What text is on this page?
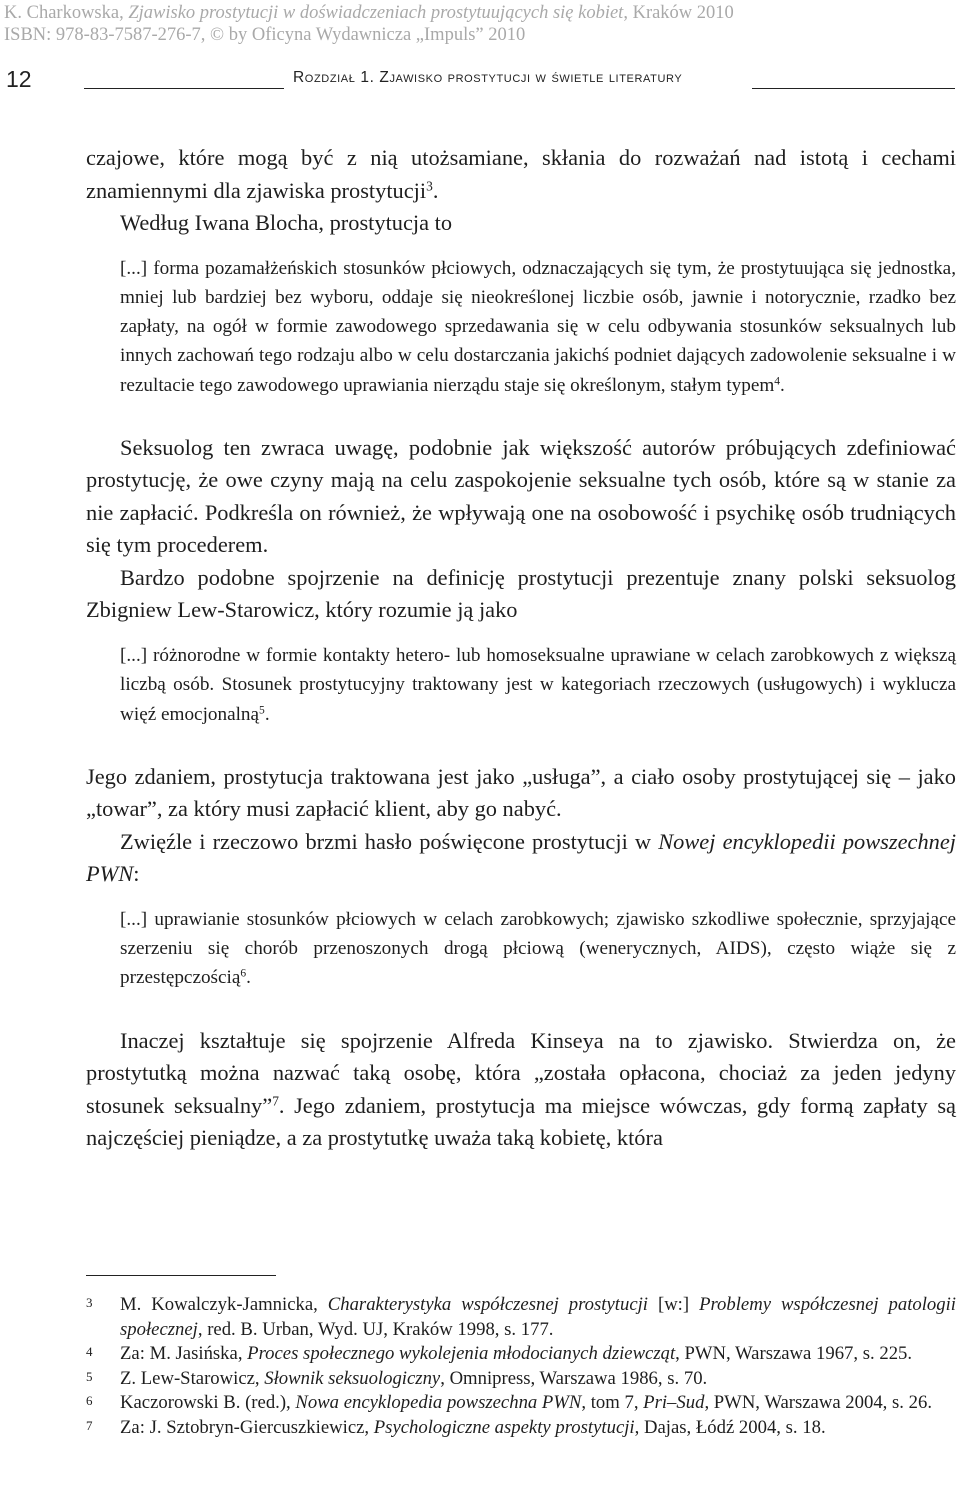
K. Charkowska, Zjawisko prostytucji w doświadczeniach prostytuujących się kobiet, Kraków 2010
ISBN: 978-83-7587-276-7, © by Oficyna Wydawnicza „Impuls” 2010
12	Rozdział 1. Zjawisko prostytucji w świetle literatury

czajowe, które mogą być z nią utożsamiane, skłania do rozważań nad istotą i cechami znamiennymi dla zjawiska prostytucji$^3$.

Według Iwana Blocha, prostytucja to

[...] forma pozamałżeńskich stosunków płciowych, odznaczających się tym, że prostytuująca się jednostka, mniej lub bardziej bez wyboru, oddaje się nieokreślonej liczbie osób, jawnie i notorycznie, rzadko bez zapłaty, na ogół w formie zawodowego sprzedawania się w celu odbywania stosunków seksualnych lub innych zachowań tego rodzaju albo w celu dostarczania jakichś podniet dających zadowolenie seksualne i w rezultacie tego zawodowego uprawiania nierządu staje się określonym, stałym typem$^4$.

Seksuolog ten zwraca uwagę, podobnie jak większość autorów próbujących zdefiniować prostytucję, że owe czyny mają na celu zaspokojenie seksualne tych osób, które są w stanie za nie zapłacić. Podkreśla on również, że wpływają one na osobowość i psychikę osób trudniących się tym procederem.

Bardzo podobne spojrzenie na definicję prostytucji prezentuje znany polski seksuolog Zbigniew Lew-Starowicz, który rozumie ją jako

[...] różnorodne w formie kontakty hetero- lub homoseksualne uprawiane w celach zarobkowych z większą liczbą osób. Stosunek prostytucyjny traktowany jest w kategoriach rzeczowych (usługowych) i wyklucza więź emocjonalną$^5$.

Jego zdaniem, prostytucja traktowana jest jako „usługa”, a ciało osoby prostytującej się – jako „towar”, za który musi zapłacić klient, aby go nabyć.

Zwięźle i rzeczowo brzmi hasło poświęcone prostytucji w Nowej encyklopedii powszechnej PWN:

[...] uprawianie stosunków płciowych w celach zarobkowych; zjawisko szkodliwe społecznie, sprzyjające szerzeniu się chorób przenoszonych drogą płciową (wenerycznych, AIDS), często wiąże się z przestępczością$^6$.

Inaczej kształtuje się spojrzenie Alfreda Kinseya na to zjawisko. Stwierdza on, że prostytutką można nazwać taką osobę, która „została opłacona, chociaż za jeden jedyny stosunek seksualny”$^7$. Jego zdaniem, prostytucja ma miejsce wówczas, gdy formą zapłaty są najczęściej pieniądze, a za prostytutkę uważa taką kobietę, która

3 M. Kowalczyk-Jamnicka, Charakterystyka współczesnej prostytucji [w:] Problemy współczesnej patologii społecznej, red. B. Urban, Wyd. UJ, Kraków 1998, s. 177.
4 Za: M. Jasińska, Proces społecznego wykolejenia młodocianych dziewcząt, PWN, Warszawa 1967, s. 225.
5 Z. Lew-Starowicz, Słownik seksuologiczny, Omnipress, Warszawa 1986, s. 70.
6 Kaczorowski B. (red.), Nowa encyklopedia powszechna PWN, tom 7, Pri–Sud, PWN, Warszawa 2004, s. 26.
7 Za: J. Sztobryn-Giercuszkiewicz, Psychologiczne aspekty prostytucji, Dajas, Łódź 2004, s. 18.
